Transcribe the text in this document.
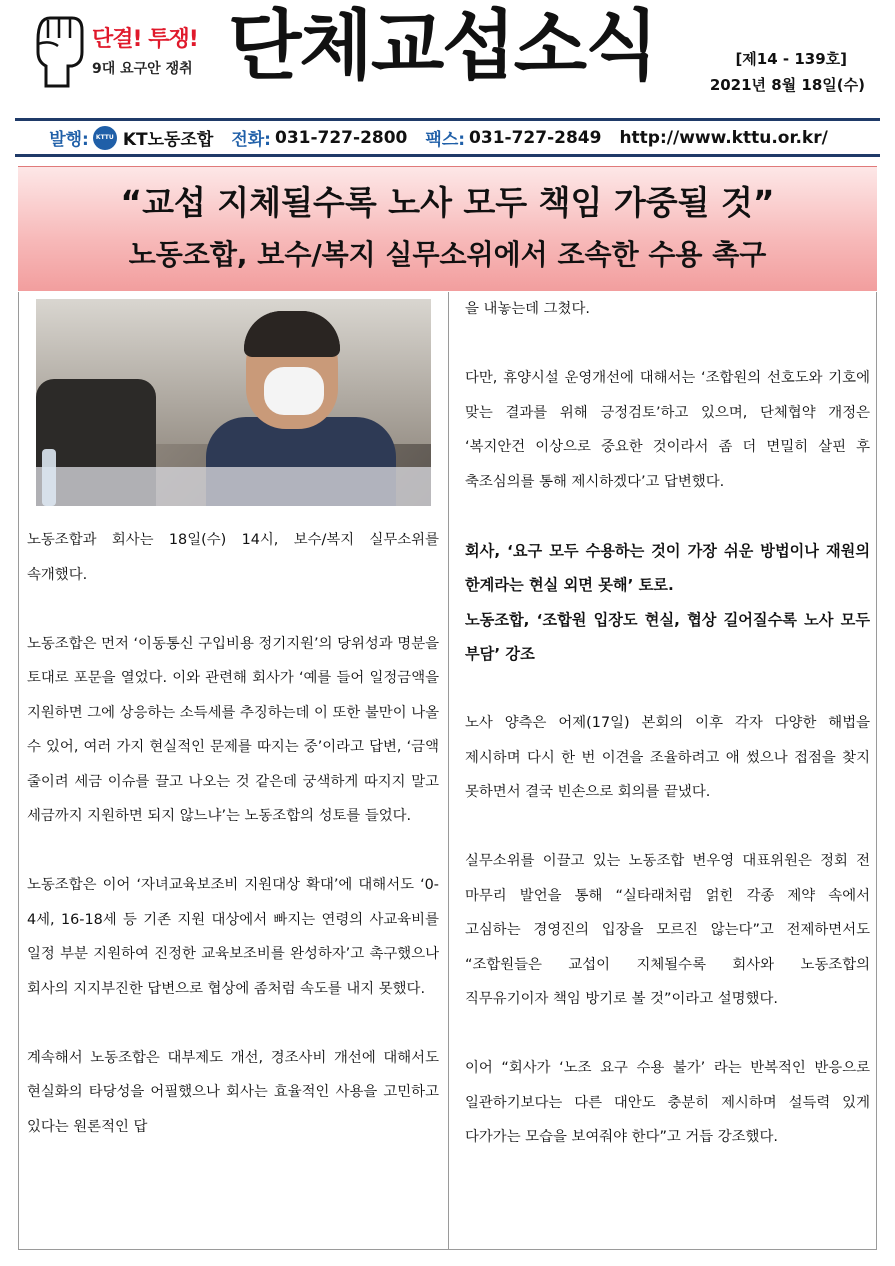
단결! 투쟁!
9대 요구안 쟁취 단체교섭소식	[제14 - 139호]
2021년 8월 18일(수)
발행:	KTTU KT노동조합 전화: 031-727-2800 팩스: 031-727-2849 http://www.kttu.or.kr/
“교섭 지체될수록 노사 모두 책임 가중될 것”
노동조합, 보수/복지 실무소위에서 조속한 수용 촉구

노동조합과 회사는 18일(수) 14시, 보수/복지 실무소위를 속개했다.

노동조합은 먼저 ‘이동통신 구입비용 정기지원’의 당위성과 명분을 토대로 포문을 열었다. 이와 관련해 회사가 ‘예를 들어 일정금액을 지원하면 그에 상응하는 소득세를 추징하는데 이 또한 불만이 나올 수 있어, 여러 가지 현실적인 문제를 따지는 중’이라고 답변, ‘금액 줄이려 세금 이슈를 끌고 나오는 것 같은데 궁색하게 따지지 말고 세금까지 지원하면 되지 않느냐’는 노동조합의 성토를 들었다.

노동조합은 이어 ‘자녀교육보조비 지원대상 확대’에 대해서도 ‘0-4세, 16-18세 등 기존 지원 대상에서 빠지는 연령의 사교육비를 일정 부분 지원하여 진정한 교육보조비를 완성하자’고 촉구했으나 회사의 지지부진한 답변으로 협상에 좀처럼 속도를 내지 못했다.

계속해서 노동조합은 대부제도 개선, 경조사비 개선에 대해서도 현실화의 타당성을 어필했으나 회사는 효율적인 사용을 고민하고 있다는 원론적인 답

을 내놓는데 그쳤다.

다만, 휴양시설 운영개선에 대해서는 ‘조합원의 선호도와 기호에 맞는 결과를 위해 긍정검토’하고 있으며, 단체협약 개정은 ‘복지안건 이상으로 중요한 것이라서 좀 더 면밀히 살핀 후 축조심의를 통해 제시하겠다’고 답변했다.

회사, ‘요구 모두 수용하는 것이 가장 쉬운 방법이나 재원의 한계라는 현실 외면 못해’ 토로.

노동조합, ‘조합원 입장도 현실, 협상 길어질수록 노사 모두 부담’ 강조

노사 양측은 어제(17일) 본회의 이후 각자 다양한 해법을 제시하며 다시 한 번 이견을 조율하려고 애 썼으나 접점을 찾지 못하면서 결국 빈손으로 회의를 끝냈다.

실무소위를 이끌고 있는 노동조합 변우영 대표위원은 정회 전 마무리 발언을 통해 “실타래처럼 얽힌 각종 제약 속에서 고심하는 경영진의 입장을 모르진 않는다”고 전제하면서도 “조합원들은 교섭이 지체될수록 회사와 노동조합의 직무유기이자 책임 방기로 볼 것”이라고 설명했다.

이어 “회사가 ‘노조 요구 수용 불가’ 라는 반복적인 반응으로 일관하기보다는 다른 대안도 충분히 제시하며 설득력 있게 다가가는 모습을 보여줘야 한다”고 거듭 강조했다.
